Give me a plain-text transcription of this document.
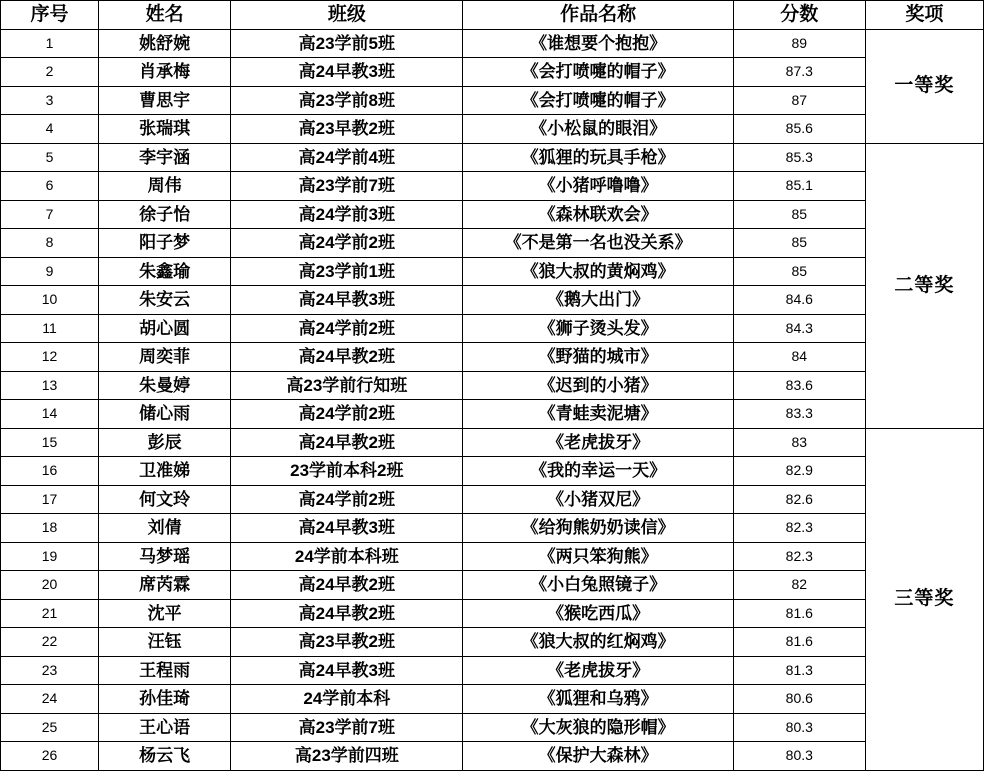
序号	姓名	班级	作品名称	分数	奖项
1	姚舒婉	高23学前5班	《谁想要个抱抱》	89	一等奖
2	肖承梅	高24早教3班	《会打喷嚏的帽子》	87.3	
3	曹思宇	高23学前8班	《会打喷嚏的帽子》	87	
4	张瑞琪	高23早教2班	《小松鼠的眼泪》	85.6	
5	李宇涵	高24学前4班	《狐狸的玩具手枪》	85.3	二等奖
6	周伟	高23学前7班	《小猪呼噜噜》	85.1	
7	徐子怡	高24学前3班	《森林联欢会》	85	
8	阳子梦	高24学前2班	《不是第一名也没关系》	85	
9	朱鑫瑜	高23学前1班	《狼大叔的黄焖鸡》	85	
10	朱安云	高24早教3班	《鹅大出门》	84.6	
11	胡心圆	高24学前2班	《狮子烫头发》	84.3	
12	周奕菲	高24早教2班	《野猫的城市》	84	
13	朱曼婷	高23学前行知班	《迟到的小猪》	83.6	
14	储心雨	高24学前2班	《青蛙卖泥塘》	83.3	
15	彭辰	高24早教2班	《老虎拔牙》	83	三等奖
16	卫准娣	23学前本科2班	《我的幸运一天》	82.9	
17	何文玲	高24学前2班	《小猪双尼》	82.6	
18	刘倩	高24早教3班	《给狗熊奶奶读信》	82.3	
19	马梦瑶	24学前本科班	《两只笨狗熊》	82.3	
20	席芮霖	高24早教2班	《小白兔照镜子》	82	
21	沈平	高24早教2班	《猴吃西瓜》	81.6	
22	汪钰	高23早教2班	《狼大叔的红焖鸡》	81.6	
23	王程雨	高24早教3班	《老虎拔牙》	81.3	
24	孙佳琦	24学前本科	《狐狸和乌鸦》	80.6	
25	王心语	高23学前7班	《大灰狼的隐形帽》	80.3	
26	杨云飞	高23学前四班	《保护大森林》	80.3	
